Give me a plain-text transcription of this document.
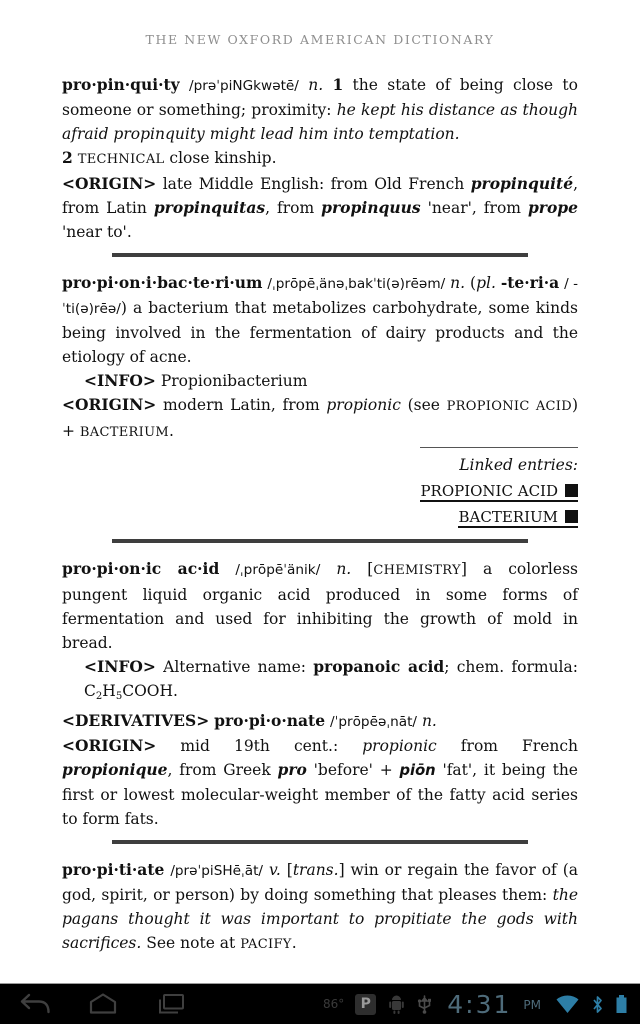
THE NEW OXFORD AMERICAN DICTIONARY

pro·pin·qui·ty /prəˈpiNGkwətē/ n. 1 the state of being close to someone or something; proximity: he kept his distance as though afraid propinquity might lead him into temptation.

2 TECHNICAL close kinship.

<ORIGIN> late Middle English: from Old French propinquité, from Latin propinquitas, from propinquus 'near', from prope 'near to'.

pro·pi·on·i·bac·te·ri·um /ˌprōpēˌänəˌbakˈti(ə)rēəm/ n. (pl. -te·ri·a / -ˈti(ə)rēə/) a bacterium that metabolizes carbohydrate, some kinds being involved in the fermentation of dairy products and the etiology of acne.

<INFO> Propionibacterium

<ORIGIN> modern Latin, from propionic (see PROPIONIC ACID) + BACTERIUM.

Linked entries:
PROPIONIC ACID
BACTERIUM

pro·pi·on·ic ac·id /ˌprōpēˈänik/ n. [CHEMISTRY] a colorless pungent liquid organic acid produced in some forms of fermentation and used for inhibiting the growth of mold in bread.

<INFO> Alternative name: propanoic acid; chem. formula: $C_2H_5COOH$.

<DERIVATIVES> pro·pi·o·nate /ˈprōpēəˌnāt/ n.

<ORIGIN> mid 19th cent.: propionic from French propionique, from Greek pro 'before' + piōn 'fat', it being the first or lowest molecular-weight member of the fatty acid series to form fats.

pro·pi·ti·ate /prəˈpiSHēˌāt/ v. [trans.] win or regain the favor of (a god, spirit, or person) by doing something that pleases them: the pagans thought it was important to propitiate the gods with sacrifices. See note at PACIFY.

86°	P	4:31 PM
